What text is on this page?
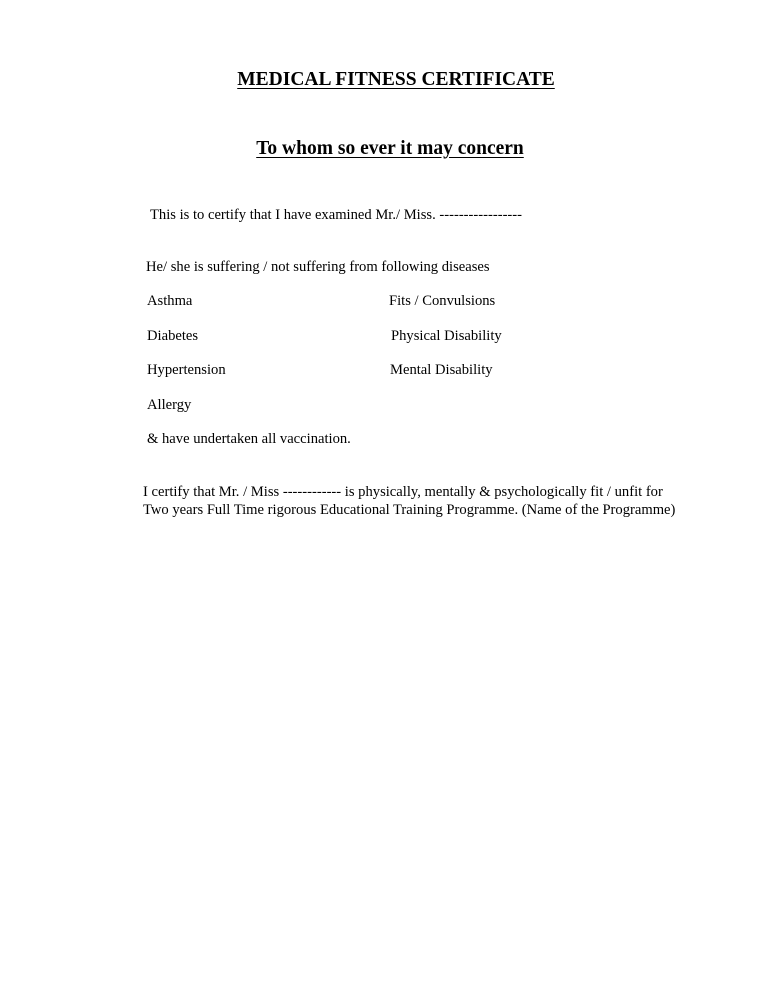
MEDICAL FITNESS CERTIFICATE
To whom so ever it may concern
This is to certify that I have examined Mr./ Miss. -----------------
He/ she is suffering / not suffering from following diseases
Asthma	Fits / Convulsions
Diabetes	Physical Disability
Hypertension	Mental Disability
Allergy
& have undertaken all vaccination.
I certify that Mr. / Miss ------------ is physically, mentally & psychologically fit / unfit for
Two years Full Time rigorous Educational Training Programme. (Name of the Programme)
